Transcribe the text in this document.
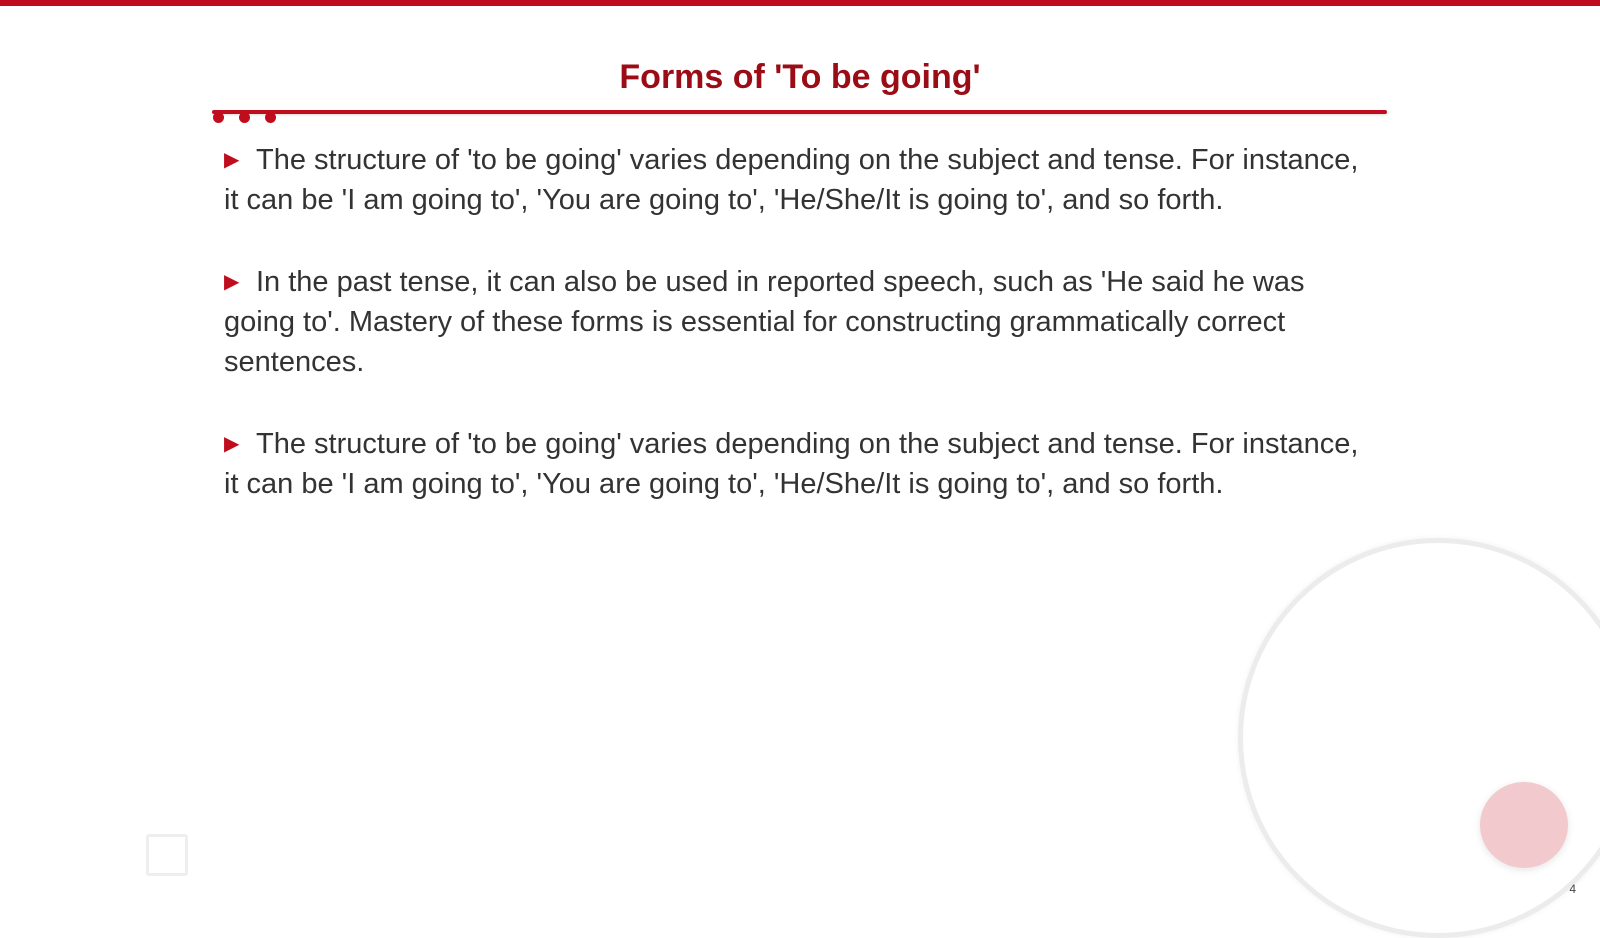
Forms of 'To be going'

▶ The structure of 'to be going' varies depending on the subject and tense. For instance, it can be 'I am going to', 'You are going to', 'He/She/It is going to', and so forth.

▶ In the past tense, it can also be used in reported speech, such as 'He said he was going to'. Mastery of these forms is essential for constructing grammatically correct sentences.

▶ The structure of 'to be going' varies depending on the subject and tense. For instance, it can be 'I am going to', 'You are going to', 'He/She/It is going to', and so forth.

4
